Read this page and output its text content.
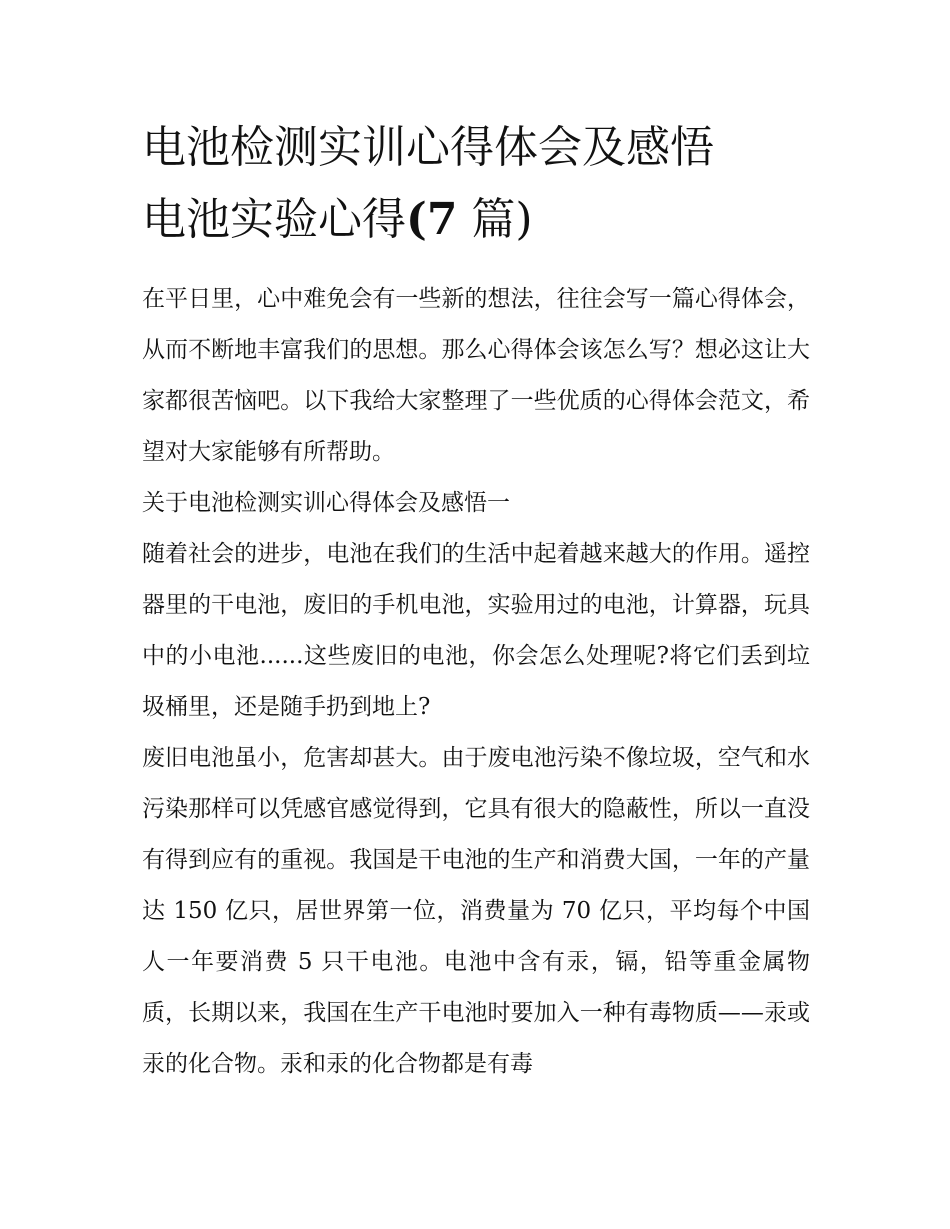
电池检测实训心得体会及感悟
电池实验心得(7 篇)

在平日里，心中难免会有一些新的想法，往往会写一篇心得体会，从而不断地丰富我们的思想。那么心得体会该怎么写？想必这让大家都很苦恼吧。以下我给大家整理了一些优质的心得体会范文，希望对大家能够有所帮助。

关于电池检测实训心得体会及感悟一

随着社会的进步，电池在我们的生活中起着越来越大的作用。遥控器里的干电池，废旧的手机电池，实验用过的电池，计算器，玩具中的小电池......这些废旧的电池，你会怎么处理呢?将它们丢到垃圾桶里，还是随手扔到地上?

废旧电池虽小，危害却甚大。由于废电池污染不像垃圾，空气和水污染那样可以凭感官感觉得到，它具有很大的隐蔽性，所以一直没有得到应有的重视。我国是干电池的生产和消费大国，一年的产量达 150 亿只，居世界第一位，消费量为 70 亿只，平均每个中国人一年要消费 5 只干电池。电池中含有汞，镉，铅等重金属物质，长期以来，我国在生产干电池时要加入一种有毒物质——汞或汞的化合物。汞和汞的化合物都是有毒
